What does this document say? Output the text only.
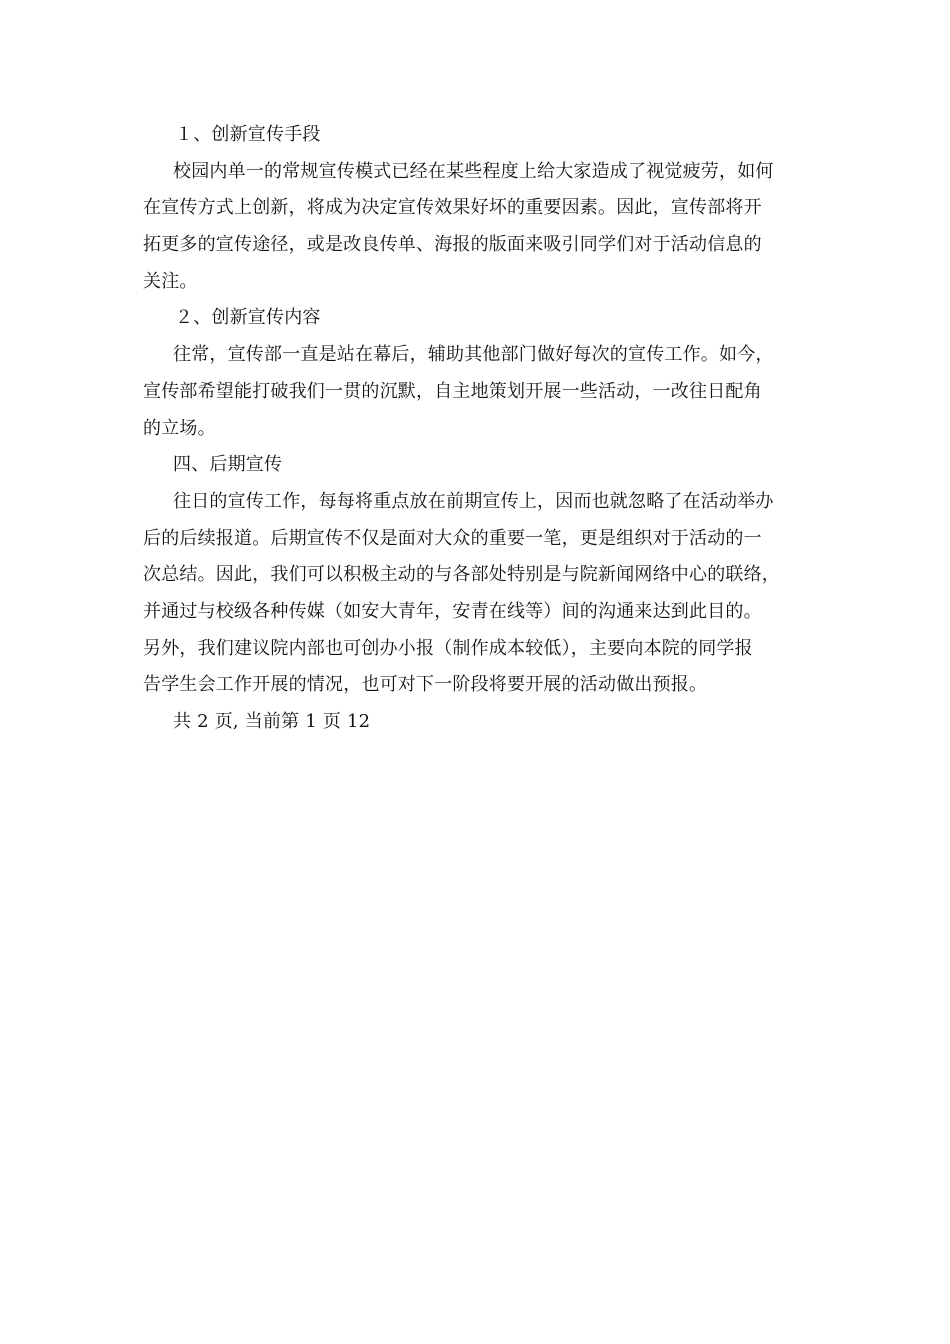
１、创新宣传手段
校园内单一的常规宣传模式已经在某些程度上给大家造成了视觉疲劳，如何
在宣传方式上创新，将成为决定宣传效果好坏的重要因素。因此，宣传部将开
拓更多的宣传途径，或是改良传单、海报的版面来吸引同学们对于活动信息的
关注。
２、创新宣传内容
往常，宣传部一直是站在幕后，辅助其他部门做好每次的宣传工作。如今，
宣传部希望能打破我们一贯的沉默，自主地策划开展一些活动，一改往日配角
的立场。
四、后期宣传
往日的宣传工作，每每将重点放在前期宣传上，因而也就忽略了在活动举办
后的后续报道。后期宣传不仅是面对大众的重要一笔，更是组织对于活动的一
次总结。因此，我们可以积极主动的与各部处特别是与院新闻网络中心的联络，
并通过与校级各种传媒（如安大青年，安青在线等）间的沟通来达到此目的。
另外，我们建议院内部也可创办小报（制作成本较低），主要向本院的同学报
告学生会工作开展的情况，也可对下一阶段将要开展的活动做出预报。
共 2 页, 当前第 1 页 12
